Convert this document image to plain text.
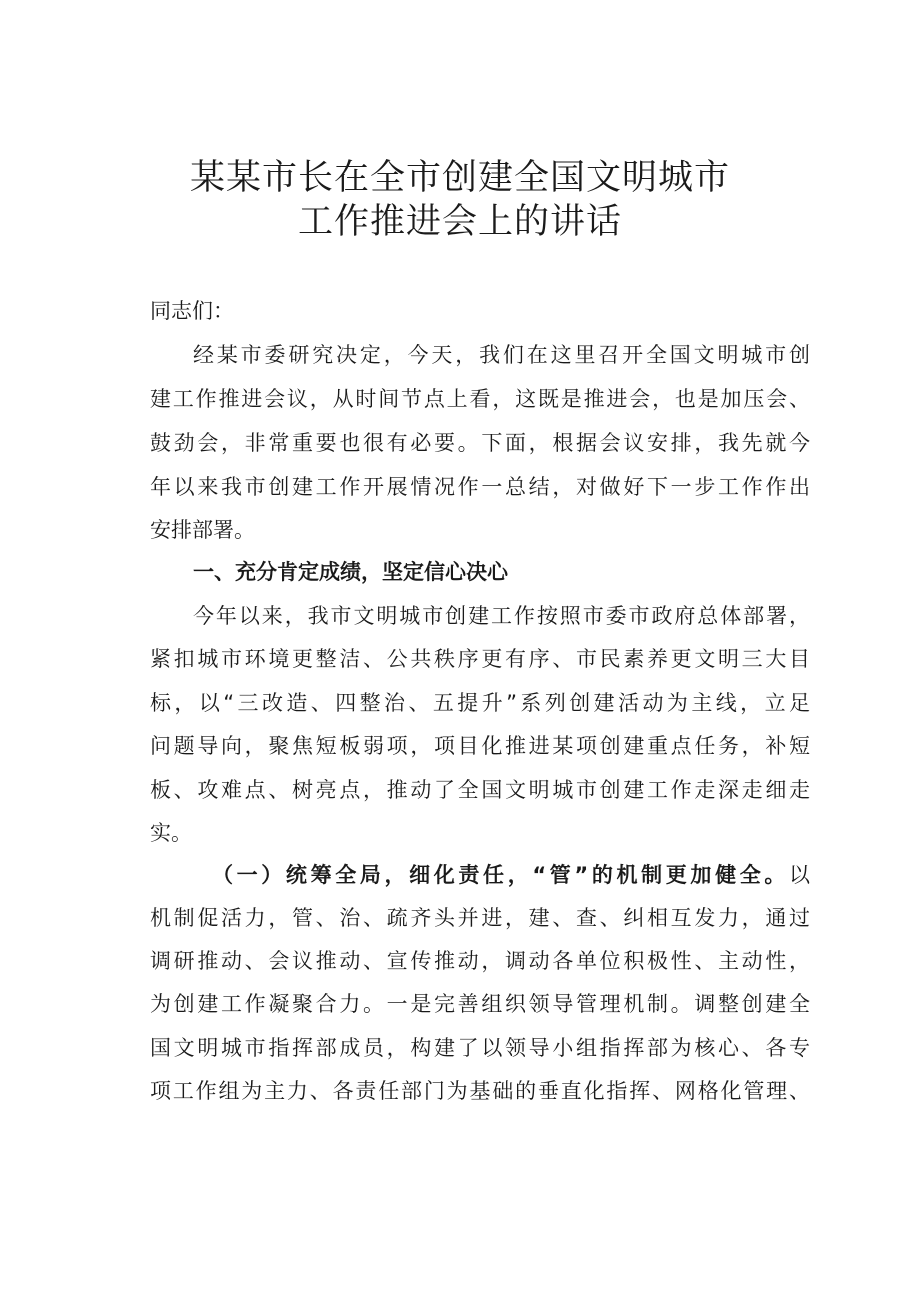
某某市长在全市创建全国文明城市
工作推进会上的讲话
同志们：
经某市委研究决定，今天，我们在这里召开全国文明城市创
建工作推进会议，从时间节点上看，这既是推进会，也是加压会、
鼓劲会，非常重要也很有必要。下面，根据会议安排，我先就今
年以来我市创建工作开展情况作一总结，对做好下一步工作作出
安排部署。
一、充分肯定成绩，坚定信心决心
今年以来，我市文明城市创建工作按照市委市政府总体部署，
紧扣城市环境更整洁、公共秩序更有序、市民素养更文明三大目
标，以“三改造、四整治、五提升”系列创建活动为主线，立足
问题导向，聚焦短板弱项，项目化推进某项创建重点任务，补短
板、攻难点、树亮点，推动了全国文明城市创建工作走深走细走
实。
（一）统筹全局，细化责任，“管”的机制更加健全。以
机制促活力，管、治、疏齐头并进，建、查、纠相互发力，通过
调研推动、会议推动、宣传推动，调动各单位积极性、主动性，
为创建工作凝聚合力。一是完善组织领导管理机制。调整创建全
国文明城市指挥部成员，构建了以领导小组指挥部为核心、各专
项工作组为主力、各责任部门为基础的垂直化指挥、网格化管理、
